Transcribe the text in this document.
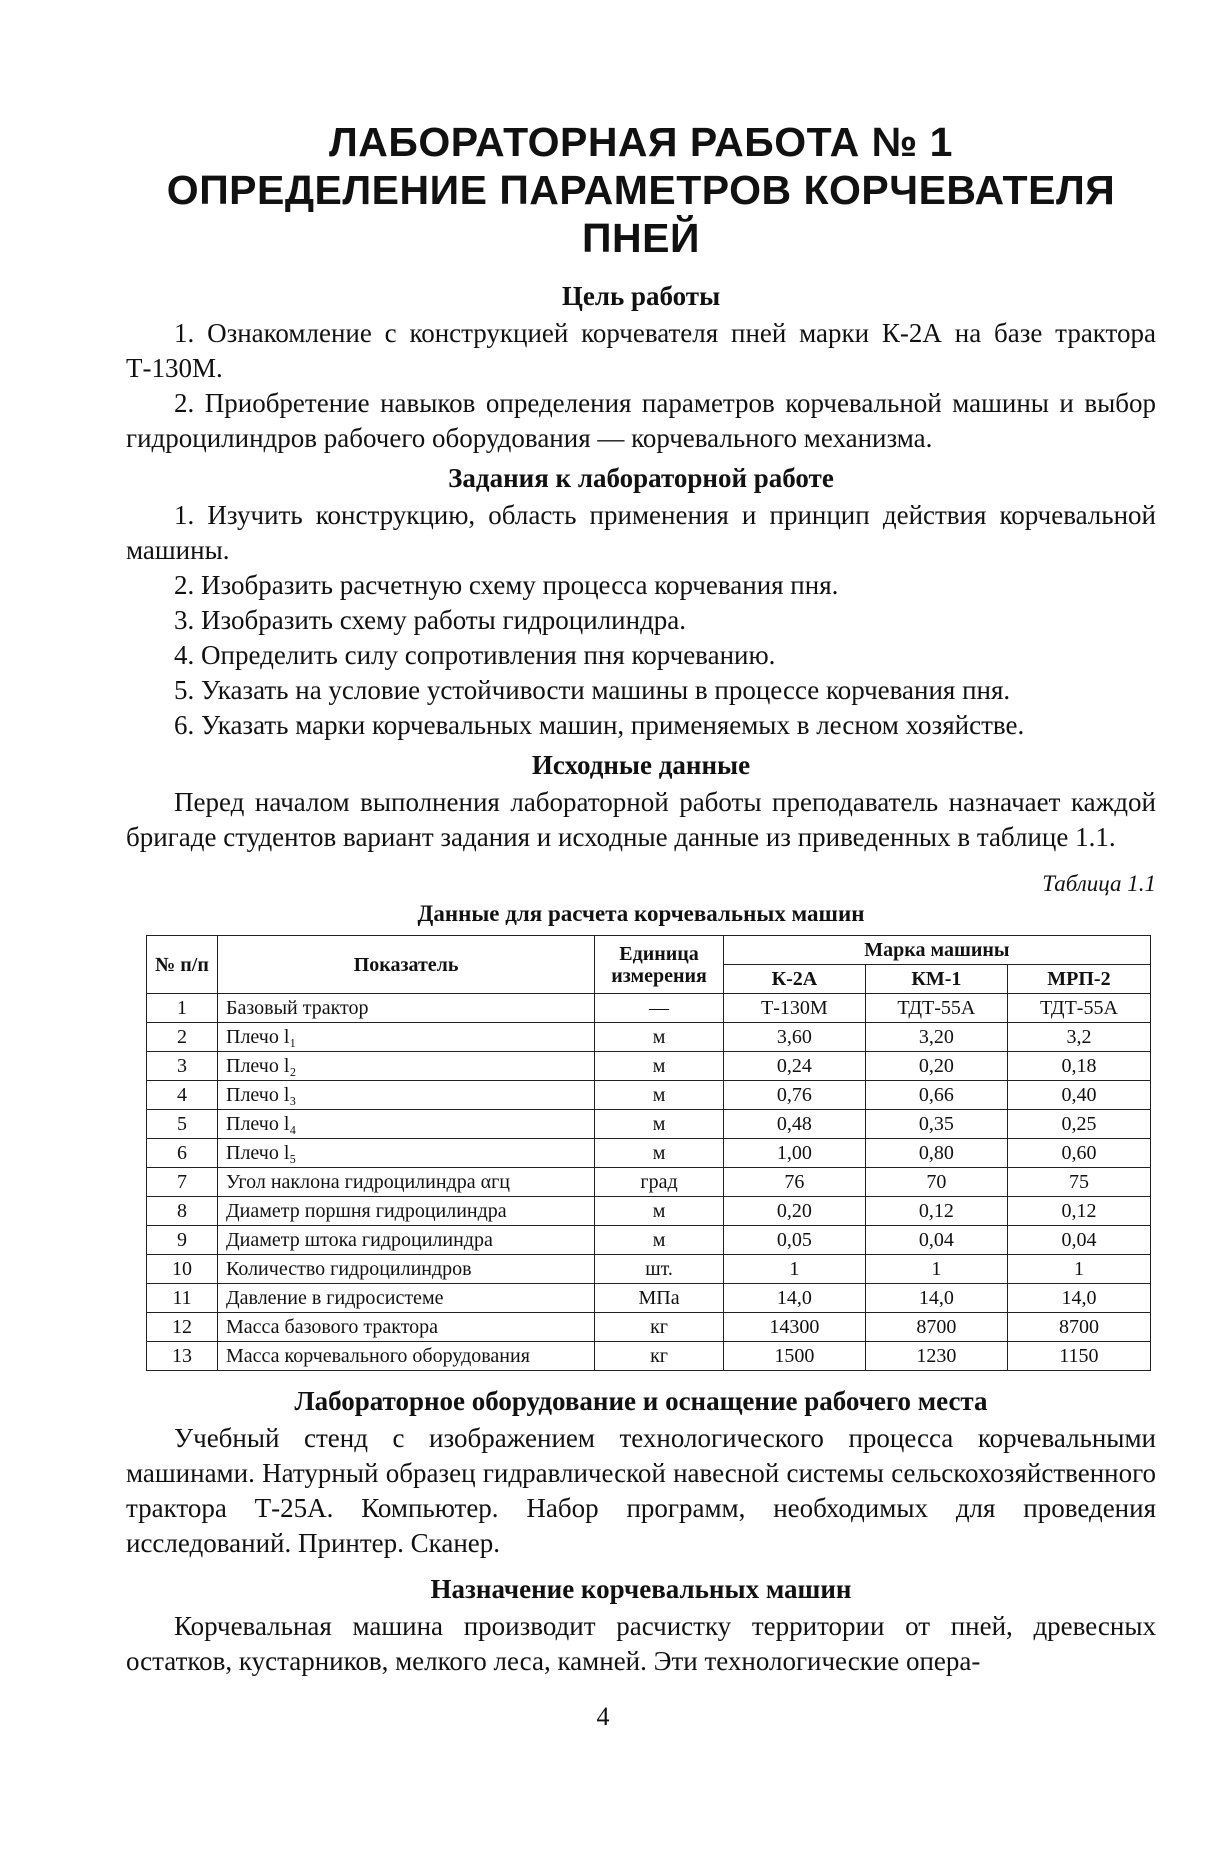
ЛАБОРАТОРНАЯ РАБОТА № 1
ОПРЕДЕЛЕНИЕ ПАРАМЕТРОВ КОРЧЕВАТЕЛЯ ПНЕЙ
Цель работы

1. Ознакомление с конструкцией корчевателя пней марки К-2А на базе трактора Т-130М.

2. Приобретение навыков определения параметров корчевальной машины и выбор гидроцилиндров рабочего оборудования — корчевального механизма.

Задания к лабораторной работе

1. Изучить конструкцию, область применения и принцип действия корчевальной машины.

2. Изобразить расчетную схему процесса корчевания пня.

3. Изобразить схему работы гидроцилиндра.

4. Определить силу сопротивления пня корчеванию.

5. Указать на условие устойчивости машины в процессе корчевания пня.

6. Указать марки корчевальных машин, применяемых в лесном хозяйстве.

Исходные данные

Перед началом выполнения лабораторной работы преподаватель назначает каждой бригаде студентов вариант задания и исходные данные из приведенных в таблице 1.1.

Таблица 1.1
Данные для расчета корчевальных машин
№ п/п	Показатель	Единица измерения	Марка машины		
			К-2А	КМ-1	МРП-2
1	Базовый трактор	—	Т-130М	ТДТ-55А	ТДТ-55А
2	Плечо l₁	м	3,60	3,20	3,2
3	Плечо l₂	м	0,24	0,20	0,18
4	Плечо l₃	м	0,76	0,66	0,40
5	Плечо l₄	м	0,48	0,35	0,25
6	Плечо l₅	м	1,00	0,80	0,60
7	Угол наклона гидроцилиндра αгц	град	76	70	75
8	Диаметр поршня гидроцилиндра	м	0,20	0,12	0,12
9	Диаметр штока гидроцилиндра	м	0,05	0,04	0,04
10	Количество гидроцилиндров	шт.	1	1	1
11	Давление в гидросистеме	МПа	14,0	14,0	14,0
12	Масса базового трактора	кг	14300	8700	8700
13	Масса корчевального оборудования	кг	1500	1230	1150
Лабораторное оборудование и оснащение рабочего места

Учебный стенд с изображением технологического процесса корчевальными машинами. Натурный образец гидравлической навесной системы сельскохозяйственного трактора Т-25А. Компьютер. Набор программ, необходимых для проведения исследований. Принтер. Сканер.

Назначение корчевальных машин

Корчевальная машина производит расчистку территории от пней, древесных остатков, кустарников, мелкого леса, камней. Эти технологические опера-

4
